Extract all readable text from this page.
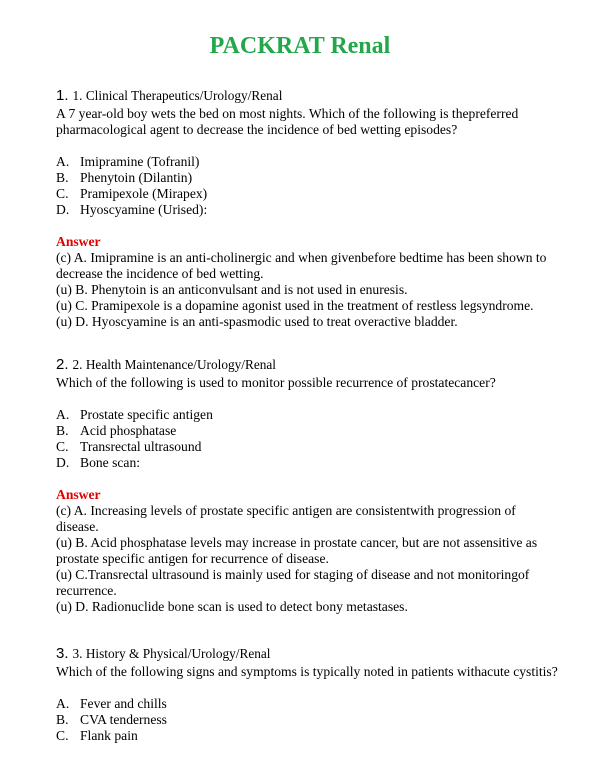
PACKRAT Renal
1. 1. Clinical Therapeutics/Urology/Renal
A 7 year-old boy wets the bed on most nights. Which of the following is thepreferred
pharmacological agent to decrease the incidence of bed wetting episodes?
A. Imipramine (Tofranil)
B. Phenytoin (Dilantin)
C. Pramipexole (Mirapex)
D. Hyoscyamine (Urised):
Answer
(c) A. Imipramine is an anti-cholinergic and when givenbefore bedtime has been shown to
decrease the incidence of bed wetting.
(u) B. Phenytoin is an anticonvulsant and is not used in enuresis.
(u) C. Pramipexole is a dopamine agonist used in the treatment of restless legsyndrome.
(u) D. Hyoscyamine is an anti-spasmodic used to treat overactive bladder.
2. 2. Health Maintenance/Urology/Renal
Which of the following is used to monitor possible recurrence of prostatecancer?
A. Prostate specific antigen
B. Acid phosphatase
C. Transrectal ultrasound
D. Bone scan:
Answer
(c) A. Increasing levels of prostate specific antigen are consistentwith progression of
disease.
(u) B. Acid phosphatase levels may increase in prostate cancer, but are not assensitive as
prostate specific antigen for recurrence of disease.
(u) C.Transrectal ultrasound is mainly used for staging of disease and not monitoringof
recurrence.
(u) D. Radionuclide bone scan is used to detect bony metastases.
3. 3. History & Physical/Urology/Renal
Which of the following signs and symptoms is typically noted in patients withacute cystitis?
A. Fever and chills
B. CVA tenderness
C. Flank pain
